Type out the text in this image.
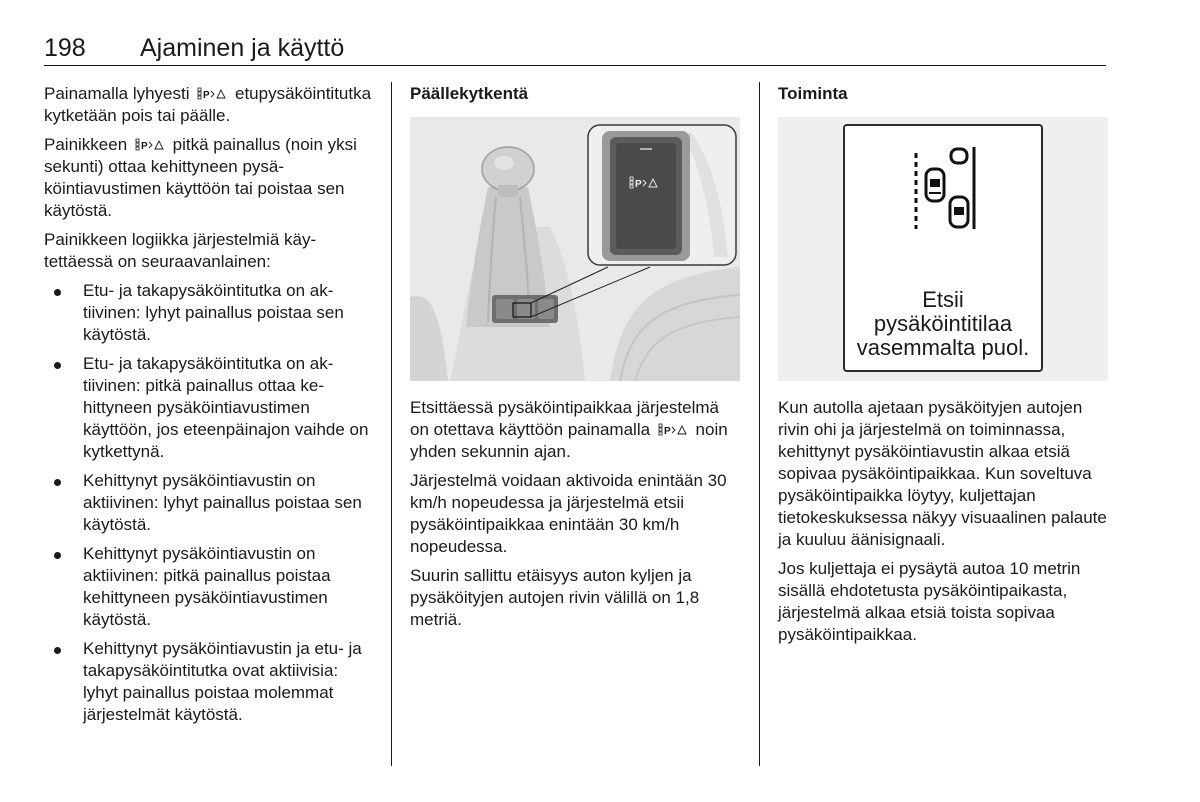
198 Ajaminen ja käyttö

Painamalla lyhyesti P etupysäköintitutka kytketään pois tai päälle.

Painikkeen P pitkä painallus (noin yksi sekunti) ottaa kehittyneen pysäköintiavustimen käyttöön tai poistaa sen käytöstä.

Painikkeen logiikka järjestelmiä käytettäessä on seuraavanlainen:

Etu- ja takapysäköintitutka on aktiivinen: lyhyt painallus poistaa sen käytöstä.
Etu- ja takapysäköintitutka on aktiivinen: pitkä painallus ottaa kehittyneen pysäköintiavustimen käyttöön, jos eteenpäinajon vaihde on kytkettynä.
Kehittynyt pysäköintiavustin on aktiivinen: lyhyt painallus poistaa sen käytöstä.
Kehittynyt pysäköintiavustin on aktiivinen: pitkä painallus poistaa kehittyneen pysäköintiavustimen käytöstä.
Kehittynyt pysäköintiavustin ja etu- ja takapysäköintitutka ovat aktiivisia: lyhyt painallus poistaa molemmat järjestelmät käytöstä.

Päällekytkentä

P

Etsittäessä pysäköintipaikkaa järjestelmä on otettava käyttöön painamalla P noin yhden sekunnin ajan.

Järjestelmä voidaan aktivoida enintään 30 km/h nopeudessa ja järjestelmä etsii pysäköintipaikkaa enintään 30 km/h nopeudessa.

Suurin sallittu etäisyys auton kyljen ja pysäköityjen autojen rivin välillä on 1,8 metriä.

Toiminta

Etsii
pysäköintitilaa
vasemmalta puol.

Kun autolla ajetaan pysäköityjen autojen rivin ohi ja järjestelmä on toiminnassa, kehittynyt pysäköintiavustin alkaa etsiä sopivaa pysäköintipaikkaa. Kun soveltuva pysäköintipaikka löytyy, kuljettajan tietokeskuksessa näkyy visuaalinen palaute ja kuuluu äänisignaali.

Jos kuljettaja ei pysäytä autoa 10 metrin sisällä ehdotetusta pysäköintipaikasta, järjestelmä alkaa etsiä toista sopivaa pysäköintipaikkaa.
